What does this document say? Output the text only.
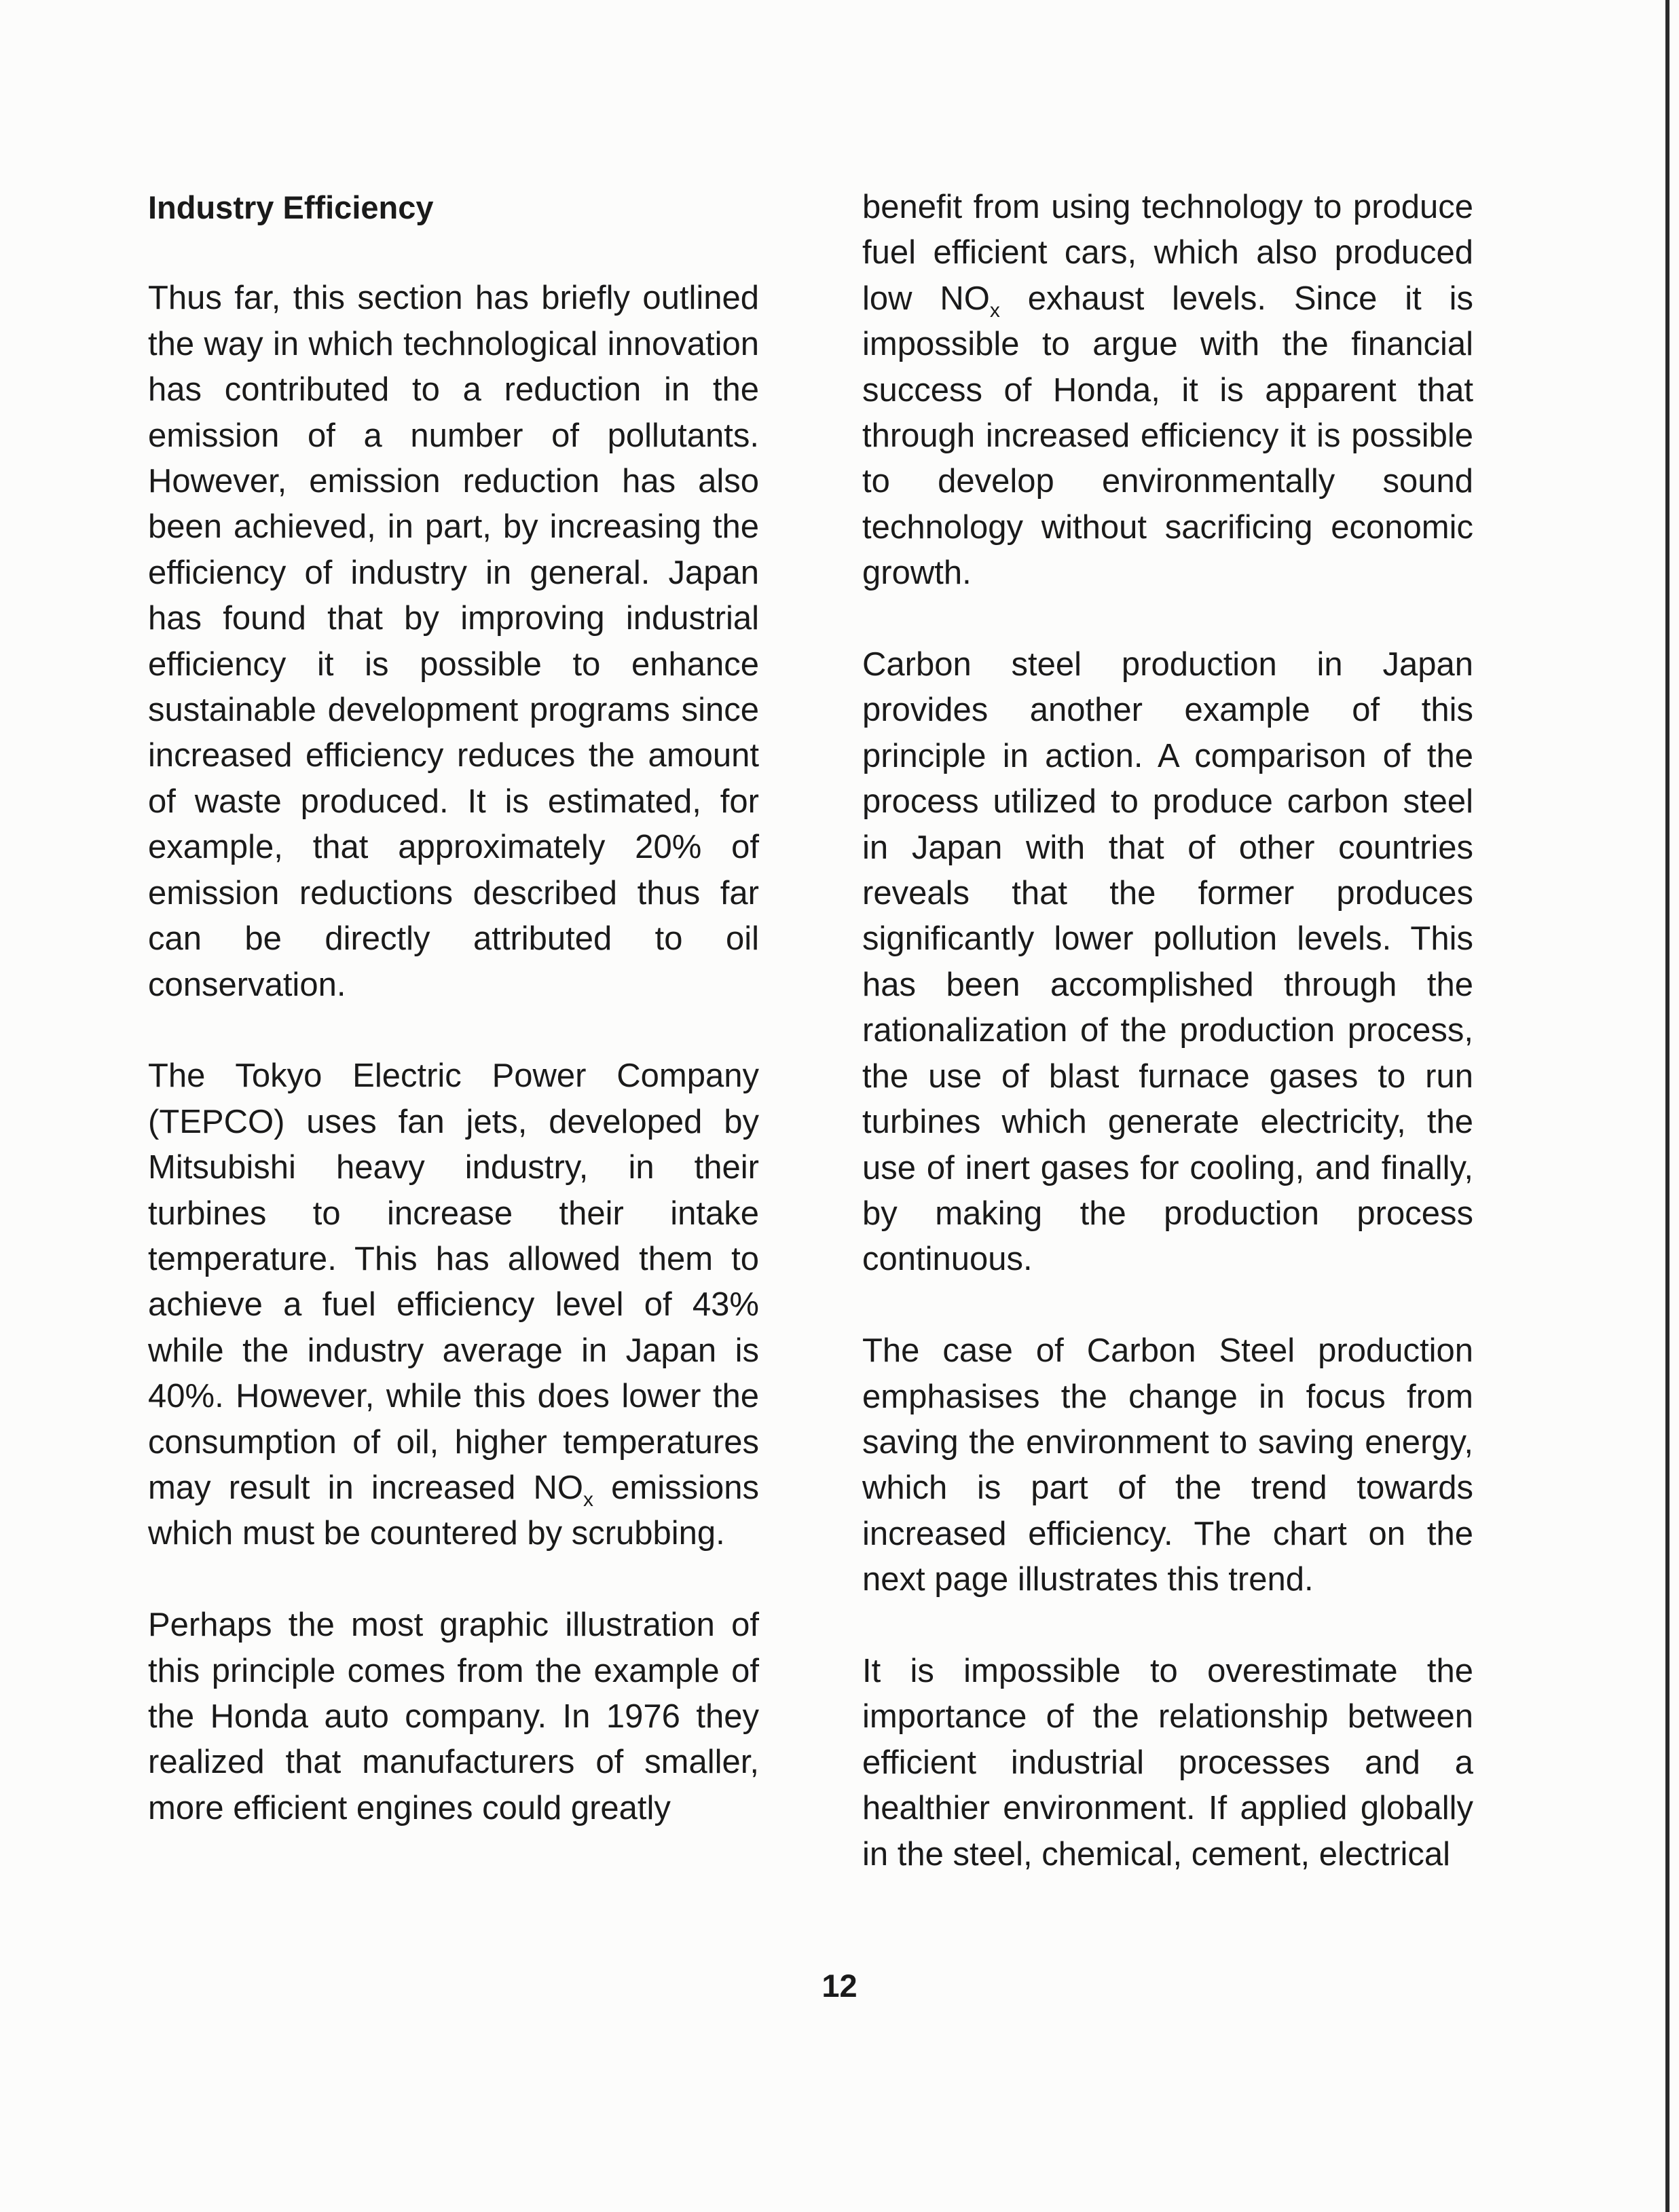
Industry Efficiency

Thus far, this section has briefly outlined the way in which technological innovation has contributed to a reduction in the emission of a number of pollutants. However, emission reduction has also been achieved, in part, by increasing the efficiency of industry in general. Japan has found that by improving industrial efficiency it is possible to enhance sustainable development programs since increased efficiency reduces the amount of waste produced. It is estimated, for example, that approximately 20% of emission reductions described thus far can be directly attributed to oil conservation.

The Tokyo Electric Power Company (TEPCO) uses fan jets, developed by Mitsubishi heavy industry, in their turbines to increase their intake temperature. This has allowed them to achieve a fuel efficiency level of 43% while the industry average in Japan is 40%. However, while this does lower the consumption of oil, higher temperatures may result in increased $NO_x$ emissions which must be countered by scrubbing.

Perhaps the most graphic illustration of this principle comes from the example of the Honda auto company. In 1976 they realized that manufacturers of smaller, more efficient engines could greatly

benefit from using technology to produce fuel efficient cars, which also produced low $NO_x$ exhaust levels. Since it is impossible to argue with the financial success of Honda, it is apparent that through increased efficiency it is possible to develop environmentally sound technology without sacrificing economic growth.

Carbon steel production in Japan provides another example of this principle in action. A comparison of the process utilized to produce carbon steel in Japan with that of other countries reveals that the former produces significantly lower pollution levels. This has been accomplished through the rationalization of the production process, the use of blast furnace gases to run turbines which generate electricity, the use of inert gases for cooling, and finally, by making the production process continuous.

The case of Carbon Steel production emphasises the change in focus from saving the environment to saving energy, which is part of the trend towards increased efficiency. The chart on the next page illustrates this trend.

It is impossible to overestimate the importance of the relationship between efficient industrial processes and a healthier environment. If applied globally in the steel, chemical, cement, electrical

12
